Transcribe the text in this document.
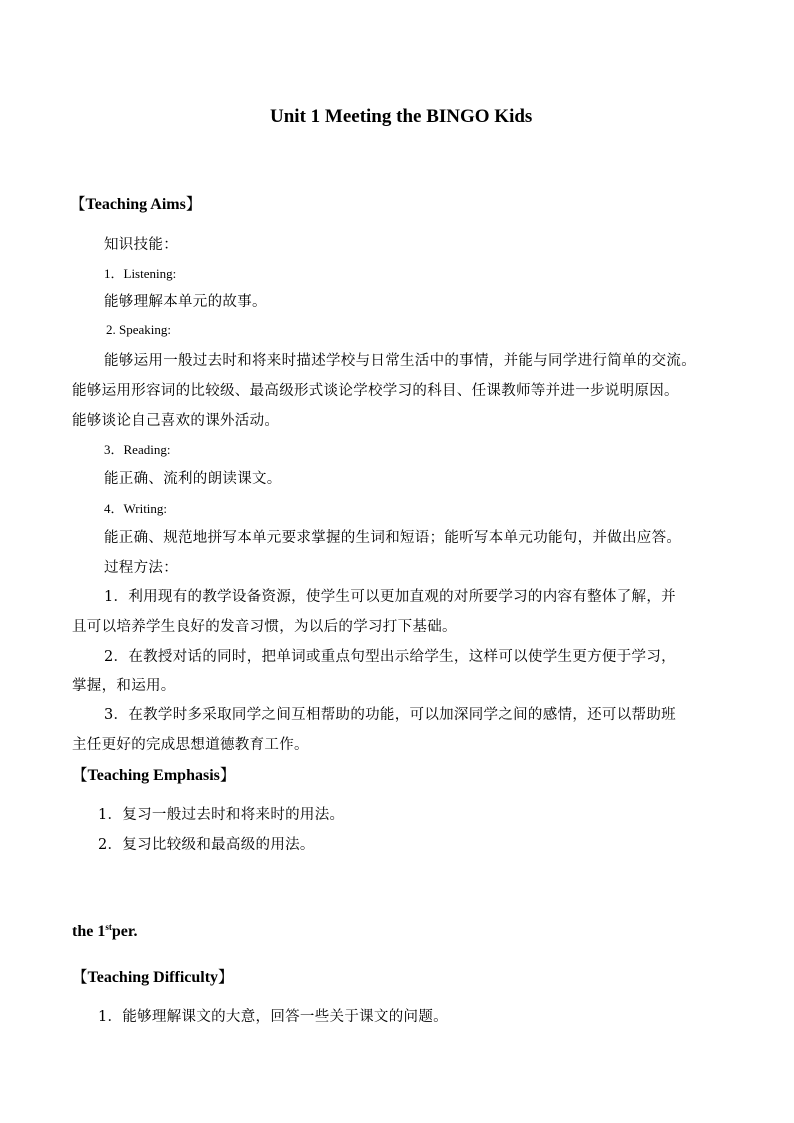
Unit 1 Meeting the BINGO Kids
【Teaching Aims】
知识技能：
1．Listening:
能够理解本单元的故事。
2. Speaking:
能够运用一般过去时和将来时描述学校与日常生活中的事情，并能与同学进行简单的交流。
能够运用形容词的比较级、最高级形式谈论学校学习的科目、任课教师等并进一步说明原因。
能够谈论自己喜欢的课外活动。
3．Reading:
能正确、流利的朗读课文。
4．Writing:
能正确、规范地拼写本单元要求掌握的生词和短语；能听写本单元功能句，并做出应答。
过程方法：
1．利用现有的教学设备资源，使学生可以更加直观的对所要学习的内容有整体了解，并
且可以培养学生良好的发音习惯，为以后的学习打下基础。
2．在教授对话的同时，把单词或重点句型出示给学生，这样可以使学生更方便于学习，
掌握，和运用。
3．在教学时多采取同学之间互相帮助的功能，可以加深同学之间的感情，还可以帮助班
主任更好的完成思想道德教育工作。
【Teaching Emphasis】
1．复习一般过去时和将来时的用法。
2．复习比较级和最高级的用法。
the 1stper.
【Teaching Difficulty】
1．能够理解课文的大意，回答一些关于课文的问题。
